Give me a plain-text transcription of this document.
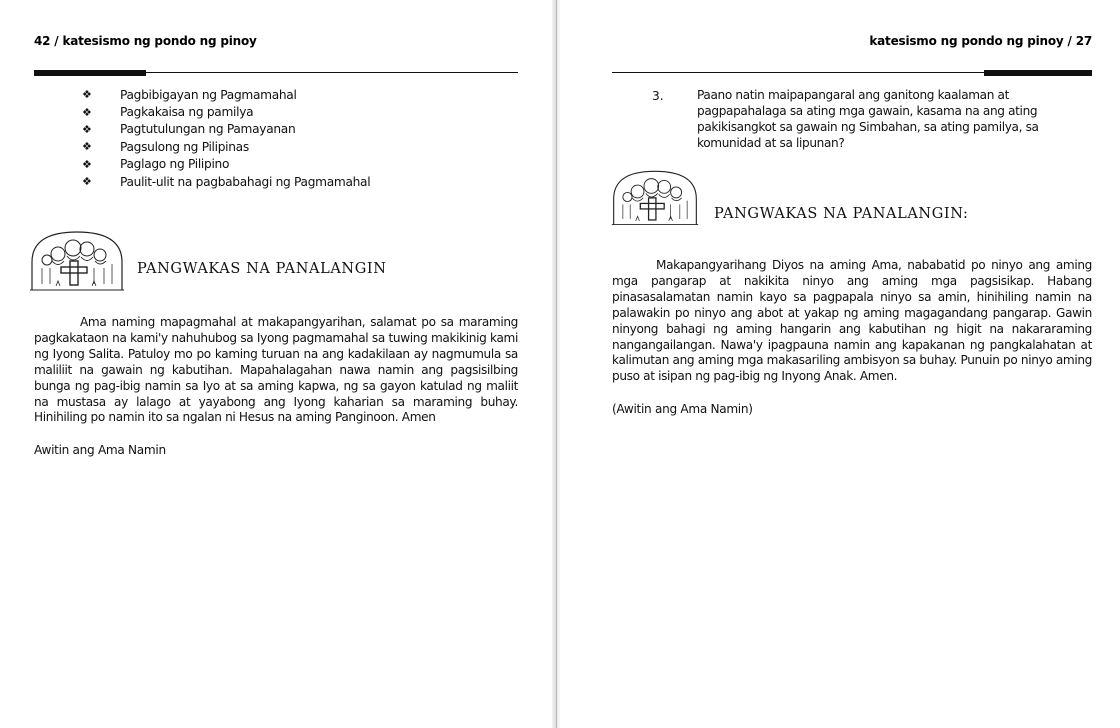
42 / katesismo ng pondo ng pinoy
❖	Pagbibigayan ng Pagmamahal
❖	Pagkakaisa ng pamilya
❖	Pagtutulungan ng Pamayanan
❖	Pagsulong ng Pilipinas
❖	Paglago ng Pilipino
❖	Paulit-ulit na pagbabahagi ng Pagmamahal
PANGWAKAS NA PANALANGIN

Ama naming mapagmahal at makapangyarihan, salamat po sa maraming pagkakataon na kami'y nahuhubog sa Iyong pagmamahal sa tuwing makikinig kami ng Iyong Salita. Patuloy mo po kaming turuan na ang kadakilaan ay nagmumula sa maliliit na gawain ng kabutihan. Mapahalagahan nawa namin ang pagsisilbing bunga ng pag-ibig namin sa Iyo at sa aming kapwa, ng sa gayon katulad ng maliit na mustasa ay lalago at yayabong ang Iyong kaharian sa maraming buhay. Hinihiling po namin ito sa ngalan ni Hesus na aming Panginoon. Amen

Awitin ang Ama Namin
katesismo ng pondo ng pinoy / 27
3.	Paano natin maipapangaral ang ganitong kaalaman at pagpapahalaga sa ating mga gawain, kasama na ang ating pakikisangkot sa gawain ng Simbahan, sa ating pamilya, sa komunidad at sa lipunan?

PANGWAKAS NA PANALANGIN:

Makapangyarihang Diyos na aming Ama, nababatid po ninyo ang aming mga pangarap at nakikita ninyo ang aming mga pagsisikap. Habang pinasasalamatan namin kayo sa pagpapala ninyo sa amin, hinihiling namin na palawakin po ninyo ang abot at yakap ng aming magagandang pangarap. Gawin ninyong bahagi ng aming hangarin ang kabutihan ng higit na nakararaming nangangailangan. Nawa'y ipagpauna namin ang kapakanan ng pangkalahatan at kalimutan ang aming mga makasariling ambisyon sa buhay. Punuin po ninyo aming puso at isipan ng pag-ibig ng Inyong Anak. Amen.

(Awitin ang Ama Namin)
